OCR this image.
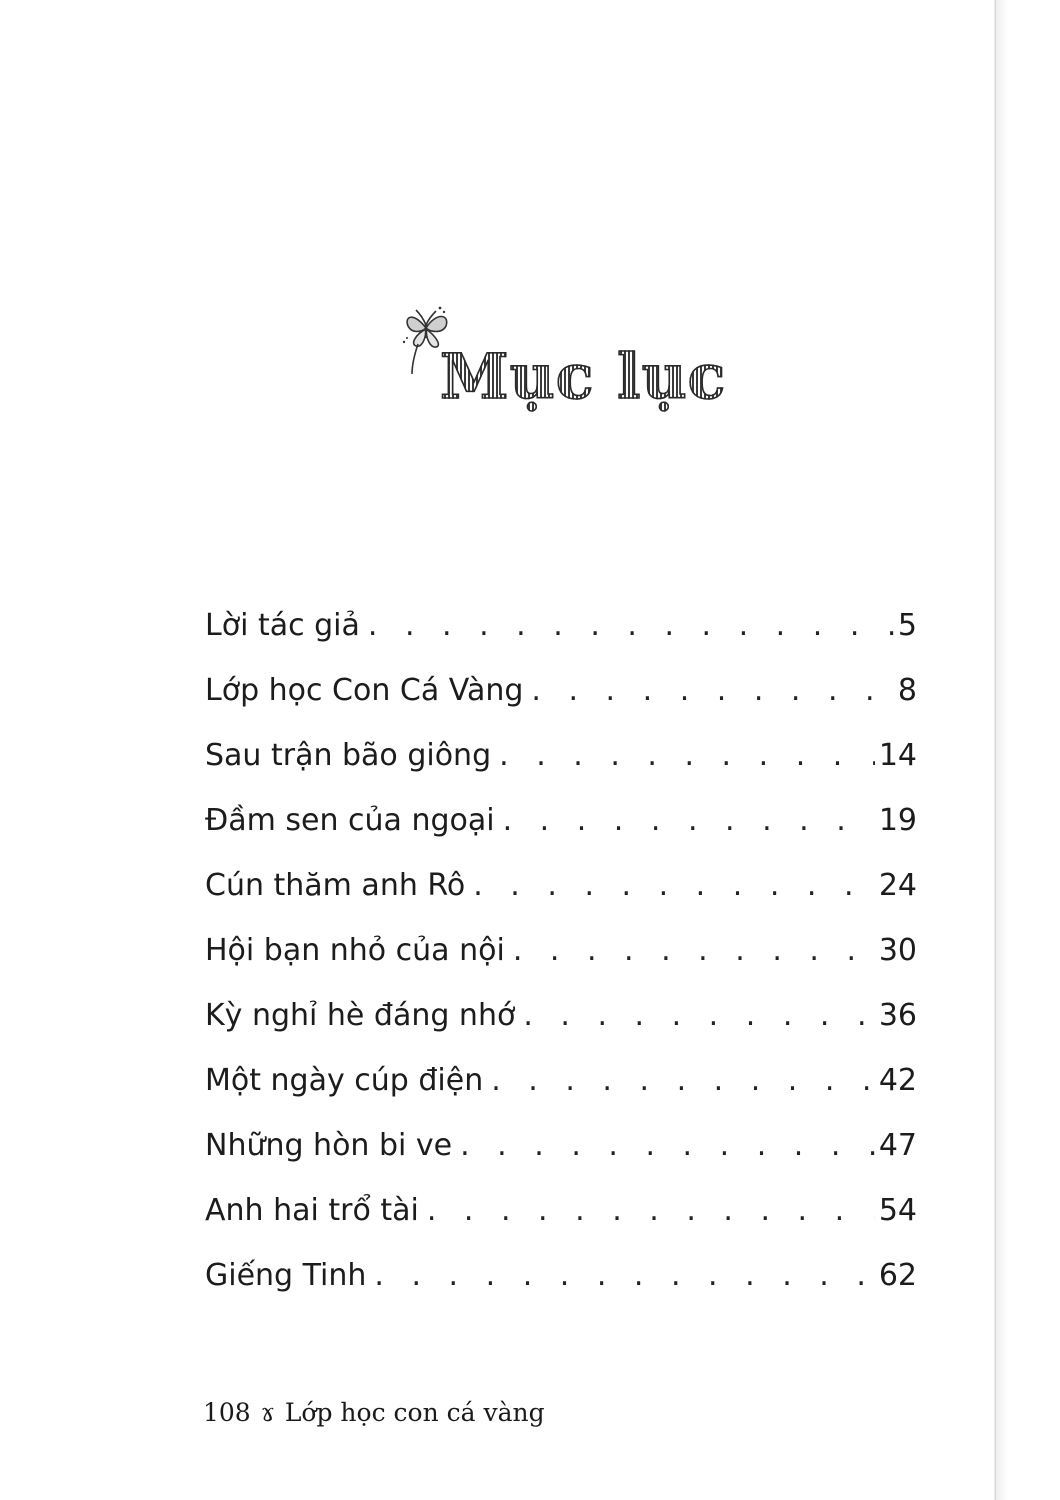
Mục lục
Lời tác giả . . .	5
Lớp học Con Cá Vàng . . .	8
Sau trận bão giông . . .	14
Đầm sen của ngoại . . .	19
Cún thăm anh Rô . . .	24
Hội bạn nhỏ của nội . . .	30
Kỳ nghỉ hè đáng nhớ . . .	36
Một ngày cúp điện . . .	42
Những hòn bi ve . . .	47
Anh hai trổ tài . . .	54
Giếng Tinh . . .	62
108 ɤ Lớp học con cá vàng
